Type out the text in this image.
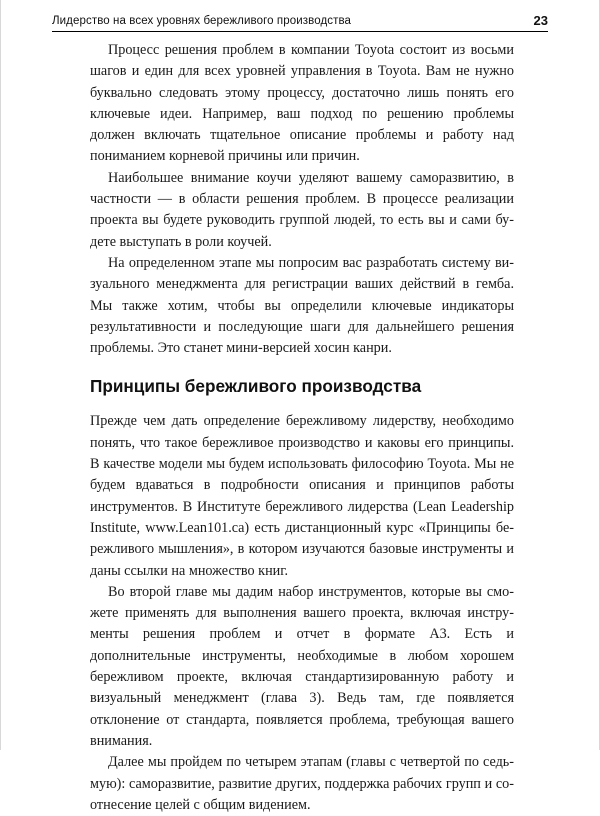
Лидерство на всех уровнях бережливого производства	23

Процесс решения проблем в компании Toyota состоит из восьми шагов и един для всех уровней управления в Toyota. Вам не нужно буквально следовать этому процессу, достаточно лишь понять его ключевые идеи. Например, ваш подход по решению проблемы должен включать тщательное описание проблемы и работу над пониманием корневой причины или причин.

Наибольшее внимание коучи уделяют вашему саморазвитию, в частности — в области решения проблем. В процессе реализации проекта вы будете руководить группой людей, то есть вы и сами будете выступать в роли коучей.

На определенном этапе мы попросим вас разработать систему визуального менеджмента для регистрации ваших действий в гемба. Мы также хотим, чтобы вы определили ключевые индикаторы результативности и последующие шаги для дальнейшего решения проблемы. Это станет мини-версией хосин канри.

Принципы бережливого производства

Прежде чем дать определение бережливому лидерству, необходимо понять, что такое бережливое производство и каковы его принципы. В качестве модели мы будем использовать философию Toyota. Мы не будем вдаваться в подробности описания и принципов работы инструментов. В Институте бережливого лидерства (Lean Leadership Institute, www.Lean101.ca) есть дистанционный курс «Принципы бережливого мышления», в котором изучаются базовые инструменты и даны ссылки на множество книг.

Во второй главе мы дадим набор инструментов, которые вы сможете применять для выполнения вашего проекта, включая инструменты решения проблем и отчет в формате А3. Есть и дополнительные инструменты, необходимые в любом хорошем бережливом проекте, включая стандартизированную работу и визуальный менеджмент (глава 3). Ведь там, где появляется отклонение от стандарта, появляется проблема, требующая вашего внимания.

Далее мы пройдем по четырем этапам (главы с четвертой по седьмую): саморазвитие, развитие других, поддержка рабочих групп и соотнесение целей с общим видением.
